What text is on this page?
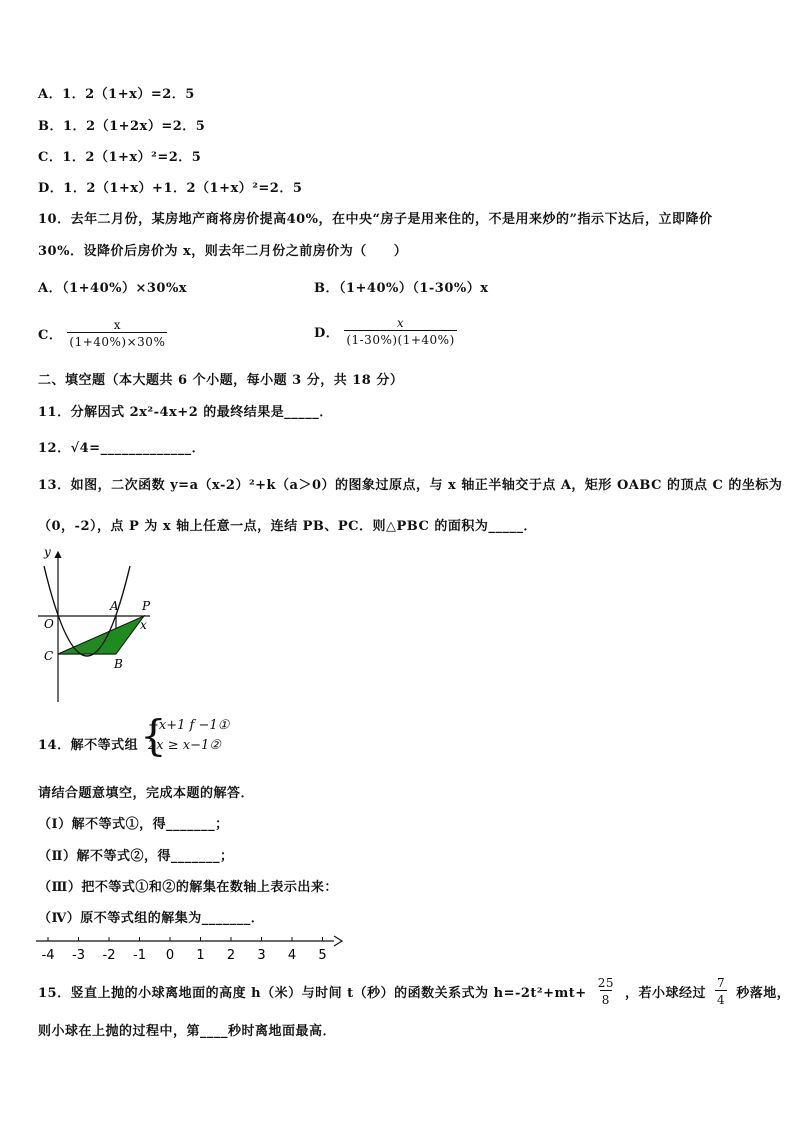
A．1．2（1+x）=2．5
B．1．2（1+2x）=2．5
C．1．2（1+x）²=2．5
D．1．2（1+x）+1．2（1+x）²=2．5
10．去年二月份，某房地产商将房价提高40%，在中央“房子是用来住的，不是用来炒的”指示下达后，立即降价
30%．设降价后房价为 x，则去年二月份之前房价为（　　）
A．（1+40%）×30%x	B．（1+40%）（1-30%）x
C． $\frac{x}{(1+40\%)\times 30\%}$	D． $\frac{x}{(1-30\%)(1+40\%)}$
二、填空题（本大题共 6 个小题，每小题 3 分，共 18 分）
11．分解因式 2x²-4x+2 的最终结果是_____．
12．√4=_____________．
13．如图，二次函数 y=a（x-2）²+k（a＞0）的图象过原点，与 x 轴正半轴交于点 A，矩形 OABC 的顶点 C 的坐标为
（0，-2），点 P 为 x 轴上任意一点，连结 PB、PC．则△PBC 的面积为_____．
y
O
A P
x
C
B
14．解不等式组 {
−x+1 f −1①
2x ≥ x−1②
请结合题意填空，完成本题的解答．
（Ⅰ）解不等式①，得_______；
（Ⅱ）解不等式②，得_______；
（Ⅲ）把不等式①和②的解集在数轴上表示出来：
（Ⅳ）原不等式组的解集为_______．
-4 -3 -2 -1 0 1 2 3 4 5
15．竖直上抛的小球离地面的高度 h（米）与时间 t（秒）的函数关系式为 $h=-2t^2+mt+ \frac{25}{8}$ ，若小球经过 $\frac{7}{4}$ 秒落地，
则小球在上抛的过程中，第____秒时离地面最高．
